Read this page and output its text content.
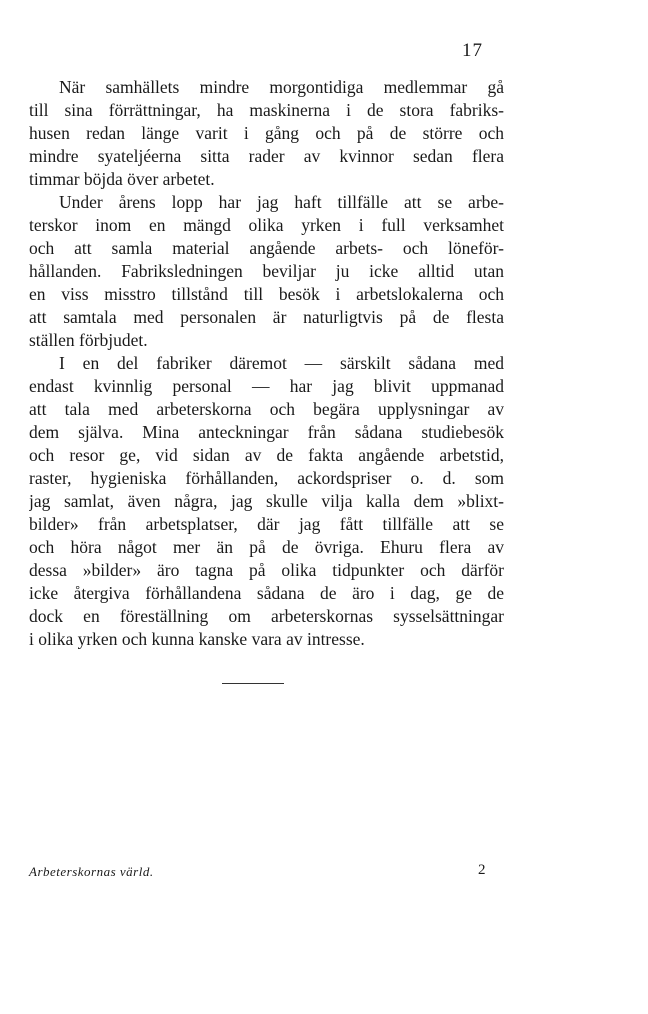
17
När samhällets mindre morgontidiga medlemmar gå
till sina förrättningar, ha maskinerna i de stora fabriks-
husen redan länge varit i gång och på de större och
mindre syateljéerna sitta rader av kvinnor sedan flera
timmar böjda över arbetet.
Under årens lopp har jag haft tillfälle att se arbe-
terskor inom en mängd olika yrken i full verksamhet
och att samla material angående arbets- och löneför-
hållanden. Fabriksledningen beviljar ju icke alltid utan
en viss misstro tillstånd till besök i arbetslokalerna och
att samtala med personalen är naturligtvis på de flesta
ställen förbjudet.
I en del fabriker däremot — särskilt sådana med
endast kvinnlig personal — har jag blivit uppmanad
att tala med arbeterskorna och begära upplysningar av
dem själva. Mina anteckningar från sådana studiebesök
och resor ge, vid sidan av de fakta angående arbetstid,
raster, hygieniska förhållanden, ackordspriser o. d. som
jag samlat, även några, jag skulle vilja kalla dem »blixt-
bilder» från arbetsplatser, där jag fått tillfälle att se
och höra något mer än på de övriga. Ehuru flera av
dessa »bilder» äro tagna på olika tidpunkter och därför
icke återgiva förhållandena sådana de äro i dag, ge de
dock en föreställning om arbeterskornas sysselsättningar
i olika yrken och kunna kanske vara av intresse.
Arbeterskornas värld.	2
